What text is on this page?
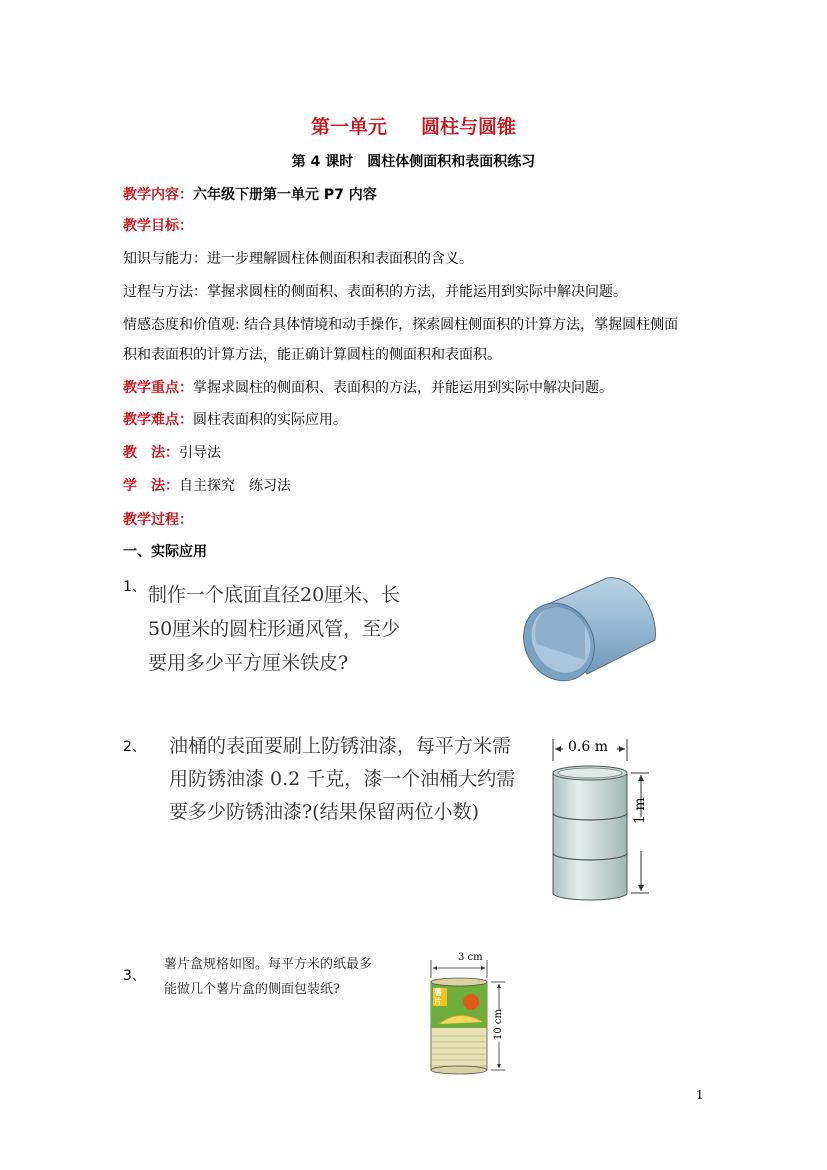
第一单元 圆柱与圆锥
第 4 课时　圆柱体侧面积和表面积练习
教学内容：六年级下册第一单元 P7 内容
教学目标：
知识与能力：进一步理解圆柱体侧面积和表面积的含义。
过程与方法：掌握求圆柱的侧面积、表面积的方法，并能运用到实际中解决问题。
情感态度和价值观: 结合具体情境和动手操作，探索圆柱侧面积的计算方法，掌握圆柱侧面
积和表面积的计算方法，能正确计算圆柱的侧面积和表面积。
教学重点：掌握求圆柱的侧面积、表面积的方法，并能运用到实际中解决问题。
教学难点：圆柱表面积的实际应用。
教　法：引导法
学　法：自主探究　练习法
教学过程：
一、实际应用
1、 制作一个底面直径20厘米、长
50厘米的圆柱形通风管，至少
要用多少平方厘米铁皮?
2、 油桶的表面要刷上防锈油漆，每平方米需
用防锈油漆 0.2 千克，漆一个油桶大约需
要多少防锈油漆?(结果保留两位小数)
0.6 m
1 m
3、
薯片盒规格如图。每平方米的纸最多
能做几个薯片盒的侧面包装纸?
3 cm
10 cm
薯片
1
